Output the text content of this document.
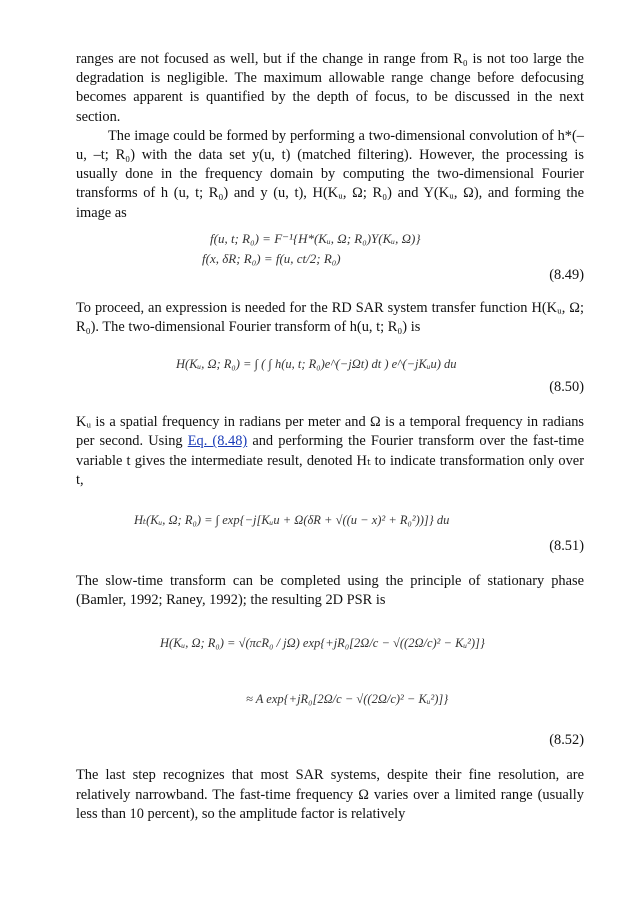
ranges are not focused as well, but if the change in range from R₀ is not too large the degradation is negligible. The maximum allowable range change before defocusing becomes apparent is quantified by the depth of focus, to be discussed in the next section.

The image could be formed by performing a two-dimensional convolution of h*(–u, –t; R₀) with the data set y(u, t) (matched filtering). However, the processing is usually done in the frequency domain by computing the two-dimensional Fourier transforms of h (u, t; R₀) and y (u, t), H(Kᵤ, Ω; R₀) and Y(Kᵤ, Ω), and forming the image as

f(u, t; R₀) = F⁻¹{H*(Kᵤ, Ω; R₀)Y(Kᵤ, Ω)}
f(x, δR; R₀) = f(u, ct/2; R₀)
(8.49)

To proceed, an expression is needed for the RD SAR system transfer function H(Kᵤ, Ω; R₀). The two-dimensional Fourier transform of h(u, t; R₀) is

H(Kᵤ, Ω; R₀) = ∫ ( ∫ h(u, t; R₀)e^(−jΩt) dt ) e^(−jKᵤu) du
(8.50)

Kᵤ is a spatial frequency in radians per meter and Ω is a temporal frequency in radians per second. Using Eq. (8.48) and performing the Fourier transform over the fast-time variable t gives the intermediate result, denoted Hₜ to indicate transformation only over t,

Hₜ(Kᵤ, Ω; R₀) = ∫ exp{−j[Kᵤu + Ω(δR + √((u − x)² + R₀²))]} du
(8.51)

The slow-time transform can be completed using the principle of stationary phase (Bamler, 1992; Raney, 1992); the resulting 2D PSR is

H(Kᵤ, Ω; R₀) = √(πcR₀ / jΩ) exp{+jR₀[2Ω/c − √((2Ω/c)² − Kᵤ²)]}
≈ A exp{+jR₀[2Ω/c − √((2Ω/c)² − Kᵤ²)]}
(8.52)

The last step recognizes that most SAR systems, despite their fine resolution, are relatively narrowband. The fast-time frequency Ω varies over a limited range (usually less than 10 percent), so the amplitude factor is relatively
